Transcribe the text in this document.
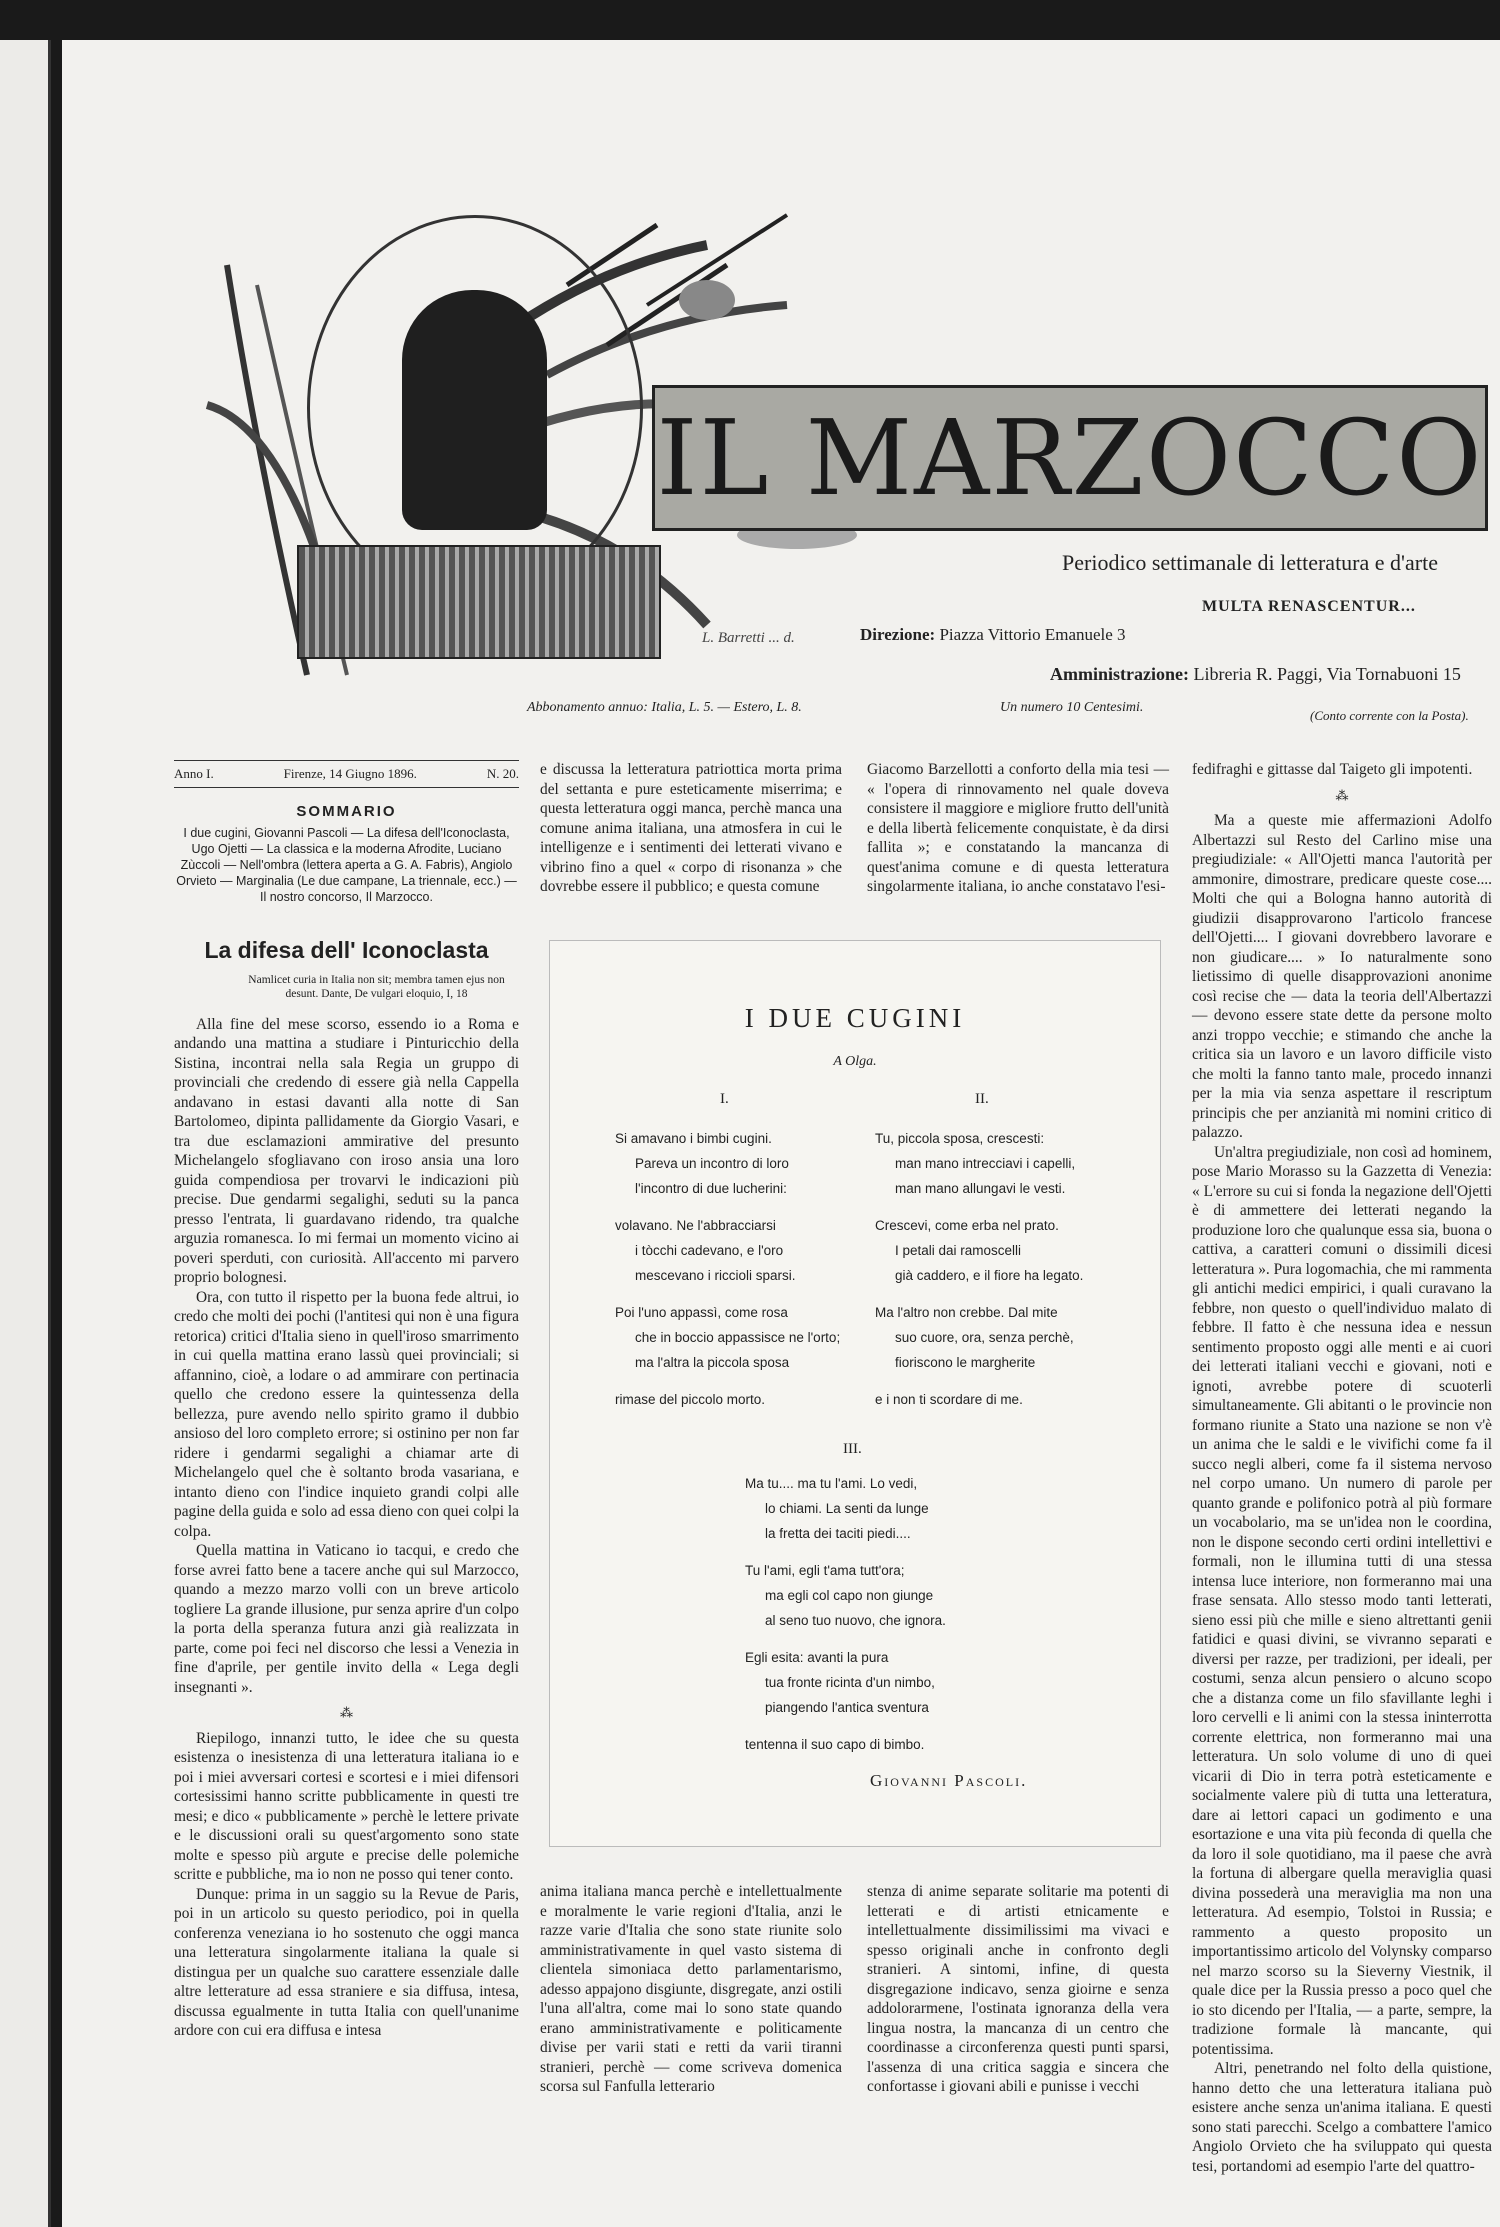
IL MARZOCCO
L. Barretti ... d.
Periodico settimanale di letteratura e d'arte
MULTA RENASCENTUR...
Direzione: Piazza Vittorio Emanuele 3
Amministrazione: Libreria R. Paggi, Via Tornabuoni 15
Abbonamento annuo: Italia, L. 5. — Estero, L. 8.	Un numero 10 Centesimi.
(Conto corrente con la Posta).
Anno I.	Firenze, 14 Giugno 1896.	N. 20.
SOMMARIO
I due cugini, Giovanni Pascoli — La difesa dell'Iconoclasta, Ugo Ojetti — La classica e la moderna Afrodite, Luciano Zùccoli — Nell'ombra (lettera aperta a G. A. Fabris), Angiolo Orvieto — Marginalia (Le due campane, La triennale, ecc.) — Il nostro concorso, Il Marzocco.
La difesa dell' Iconoclasta
Namlicet curia in Italia non sit; membra tamen ejus non desunt. Dante, De vulgari eloquio, I, 18

Alla fine del mese scorso, essendo io a Roma e andando una mattina a studiare i Pinturicchio della Sistina, incontrai nella sala Regia un gruppo di provinciali che credendo di essere già nella Cappella andavano in estasi davanti alla notte di San Bartolomeo, dipinta pallidamente da Giorgio Vasari, e tra due esclamazioni ammirative del presunto Michelangelo sfogliavano con iroso ansia una loro guida compendiosa per trovarvi le indicazioni più precise. Due gendarmi segalighi, seduti su la panca presso l'entrata, li guardavano ridendo, tra qualche arguzia romanesca. Io mi fermai un momento vicino ai poveri sperduti, con curiosità. All'accento mi parvero proprio bolognesi.

Ora, con tutto il rispetto per la buona fede altrui, io credo che molti dei pochi (l'antitesi qui non è una figura retorica) critici d'Italia sieno in quell'iroso smarrimento in cui quella mattina erano lassù quei provinciali; si affannino, cioè, a lodare o ad ammirare con pertinacia quello che credono essere la quintessenza della bellezza, pure avendo nello spirito gramo il dubbio ansioso del loro completo errore; si ostinino per non far ridere i gendarmi segalighi a chiamar arte di Michelangelo quel che è soltanto broda vasariana, e intanto dieno con l'indice inquieto grandi colpi alle pagine della guida e solo ad essa dieno con quei colpi la colpa.

Quella mattina in Vaticano io tacqui, e credo che forse avrei fatto bene a tacere anche qui sul Marzocco, quando a mezzo marzo volli con un breve articolo togliere La grande illusione, pur senza aprire d'un colpo la porta della speranza futura anzi già realizzata in parte, come poi feci nel discorso che lessi a Venezia in fine d'aprile, per gentile invito della « Lega degli insegnanti ».

⁂

Riepilogo, innanzi tutto, le idee che su questa esistenza o inesistenza di una letteratura italiana io e poi i miei avversari cortesi e scortesi e i miei difensori cortesissimi hanno scritte pubblicamente in questi tre mesi; e dico « pubblicamente » perchè le lettere private e le discussioni orali su quest'argomento sono state molte e spesso più argute e precise delle polemiche scritte e pubbliche, ma io non ne posso qui tener conto.

Dunque: prima in un saggio su la Revue de Paris, poi in un articolo su questo periodico, poi in quella conferenza veneziana io ho sostenuto che oggi manca una letteratura singolarmente italiana la quale si distingua per un qualche suo carattere essenziale dalle altre letterature ad essa straniere e sia diffusa, intesa, discussa egualmente in tutta Italia con quell'unanime ardore con cui era diffusa e intesa

e discussa la letteratura patriottica morta prima del settanta e pure esteticamente miserrima; e questa letteratura oggi manca, perchè manca una comune anima italiana, una atmosfera in cui le intelligenze e i sentimenti dei letterati vivano e vibrino fino a quel « corpo di risonanza » che dovrebbe essere il pubblico; e questa comune
Giacomo Barzellotti a conforto della mia tesi — « l'opera di rinnovamento nel quale doveva consistere il maggiore e migliore frutto dell'unità e della libertà felicemente conquistate, è da dirsi fallita »; e constatando la mancanza di quest'anima comune e di questa letteratura singolarmente italiana, io anche constatavo l'esi-
I DUE CUGINI
A Olga.
I.
Si amavano i bimbi cugini.
Pareva un incontro di loro
l'incontro di due lucherini:
volavano. Ne l'abbracciarsi
i tòcchi cadevano, e l'oro
mescevano i riccioli sparsi.
Poi l'uno appassì, come rosa
che in boccio appassisce ne l'orto;
ma l'altra la piccola sposa
rimase del piccolo morto.
II.
Tu, piccola sposa, crescesti:
man mano intrecciavi i capelli,
man mano allungavi le vesti.
Crescevi, come erba nel prato.
I petali dai ramoscelli
già caddero, e il fiore ha legato.
Ma l'altro non crebbe. Dal mite
suo cuore, ora, senza perchè,
fioriscono le margherite
e i non ti scordare di me.
III.
Ma tu.... ma tu l'ami. Lo vedi,
lo chiami. La senti da lunge
la fretta dei taciti piedi....
Tu l'ami, egli t'ama tutt'ora;
ma egli col capo non giunge
al seno tuo nuovo, che ignora.
Egli esita: avanti la pura
tua fronte ricinta d'un nimbo,
piangendo l'antica sventura
tentenna il suo capo di bimbo.
Giovanni Pascoli.
anima italiana manca perchè e intellettualmente e moralmente le varie regioni d'Italia, anzi le razze varie d'Italia che sono state riunite solo amministrativamente in quel vasto sistema di clientela simoniaca detto parlamentarismo, adesso appajono disgiunte, disgregate, anzi ostili l'una all'altra, come mai lo sono state quando erano amministrativamente e politicamente divise per varii stati e retti da varii tiranni stranieri, perchè — come scriveva domenica scorsa sul Fanfulla letterario
stenza di anime separate solitarie ma potenti di letterati e di artisti etnicamente e intellettualmente dissimilissimi ma vivaci e spesso originali anche in confronto degli stranieri. A sintomi, infine, di questa disgregazione indicavo, senza gioirne e senza addolorarmene, l'ostinata ignoranza della vera lingua nostra, la mancanza di un centro che coordinasse a circonferenza questi punti sparsi, l'assenza di una critica saggia e sincera che confortasse i giovani abili e punisse i vecchi

fedifraghi e gittasse dal Taigeto gli impotenti.

⁂

Ma a queste mie affermazioni Adolfo Albertazzi sul Resto del Carlino mise una pregiudiziale: « All'Ojetti manca l'autorità per ammonire, dimostrare, predicare queste cose.... Molti che qui a Bologna hanno autorità di giudizii disapprovarono l'articolo francese dell'Ojetti.... I giovani dovrebbero lavorare e non giudicare.... » Io naturalmente sono lietissimo di quelle disapprovazioni anonime così recise che — data la teoria dell'Albertazzi — devono essere state dette da persone molto anzi troppo vecchie; e stimando che anche la critica sia un lavoro e un lavoro difficile visto che molti la fanno tanto male, procedo innanzi per la mia via senza aspettare il rescriptum principis che per anzianità mi nomini critico di palazzo.

Un'altra pregiudiziale, non così ad hominem, pose Mario Morasso su la Gazzetta di Venezia: « L'errore su cui si fonda la negazione dell'Ojetti è di ammettere dei letterati negando la produzione loro che qualunque essa sia, buona o cattiva, a caratteri comuni o dissimili dicesi letteratura ». Pura logomachia, che mi rammenta gli antichi medici empirici, i quali curavano la febbre, non questo o quell'individuo malato di febbre. Il fatto è che nessuna idea e nessun sentimento proposto oggi alle menti e ai cuori dei letterati italiani vecchi e giovani, noti e ignoti, avrebbe potere di scuoterli simultaneamente. Gli abitanti o le provincie non formano riunite a Stato una nazione se non v'è un anima che le saldi e le vivifichi come fa il succo negli alberi, come fa il sistema nervoso nel corpo umano. Un numero di parole per quanto grande e polifonico potrà al più formare un vocabolario, ma se un'idea non le coordina, non le dispone secondo certi ordini intellettivi e formali, non le illumina tutti di una stessa intensa luce interiore, non formeranno mai una frase sensata. Allo stesso modo tanti letterati, sieno essi più che mille e sieno altrettanti genii fatidici e quasi divini, se vivranno separati e diversi per razze, per tradizioni, per ideali, per costumi, senza alcun pensiero o alcuno scopo che a distanza come un filo sfavillante leghi i loro cervelli e li animi con la stessa ininterrotta corrente elettrica, non formeranno mai una letteratura. Un solo volume di uno di quei vicarii di Dio in terra potrà esteticamente e socialmente valere più di tutta una letteratura, dare ai lettori capaci un godimento e una esortazione e una vita più feconda di quella che da loro il sole quotidiano, ma il paese che avrà la fortuna di albergare quella meraviglia quasi divina possederà una meraviglia ma non una letteratura. Ad esempio, Tolstoi in Russia; e rammento a questo proposito un importantissimo articolo del Volynsky comparso nel marzo scorso su la Sieverny Viestnik, il quale dice per la Russia presso a poco quel che io sto dicendo per l'Italia, — a parte, sempre, la tradizione formale là mancante, qui potentissima.

Altri, penetrando nel folto della quistione, hanno detto che una letteratura italiana può esistere anche senza un'anima italiana. E questi sono stati parecchi. Scelgo a combattere l'amico Angiolo Orvieto che ha sviluppato qui questa tesi, portandomi ad esempio l'arte del quattro-
